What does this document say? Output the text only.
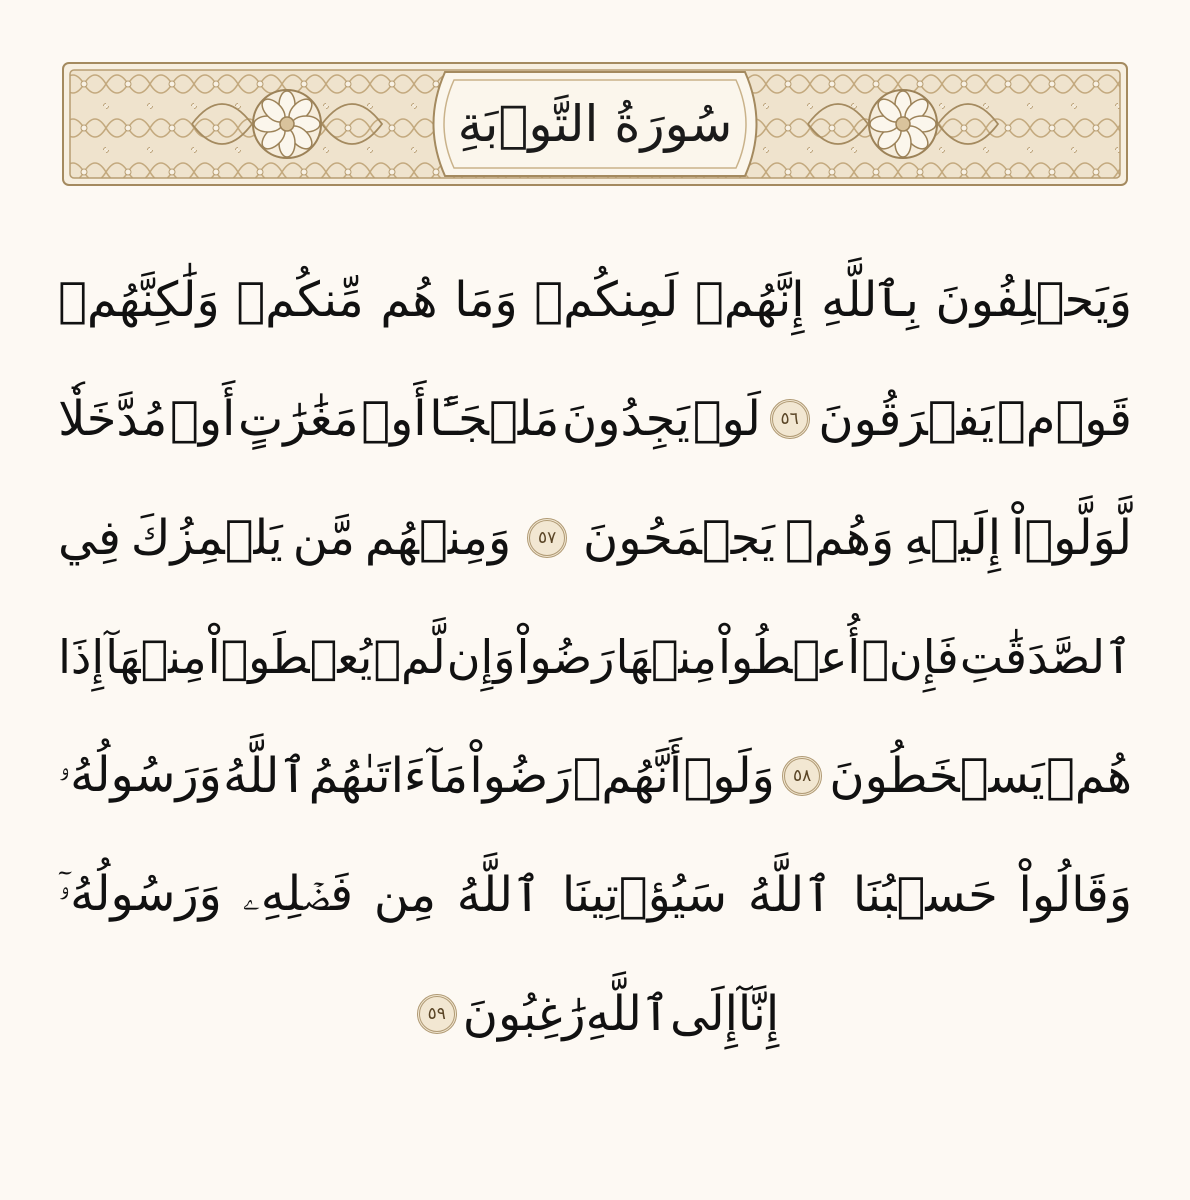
سُورَةُ التَّوۡبَةِ
وَيَحۡلِفُونَ
بِٱللَّهِ
إِنَّهُمۡ
لَمِنكُمۡ
وَمَا
هُم
مِّنكُمۡ
وَلَٰكِنَّهُمۡ
قَوۡمٞ
يَفۡرَقُونَ
٥٦
لَوۡ
يَجِدُونَ
مَلۡجَـًٔا
أَوۡ
مَغَٰرَٰتٍ
أَوۡ
مُدَّخَلٗا
لَّوَلَّوۡاْ
إِلَيۡهِ
وَهُمۡ
يَجۡمَحُونَ
٥٧
وَمِنۡهُم
مَّن
يَلۡمِزُكَ
فِي
ٱلصَّدَقَٰتِ
فَإِنۡ
أُعۡطُواْ
مِنۡهَا
رَضُواْ
وَإِن
لَّمۡ
يُعۡطَوۡاْ
مِنۡهَآ
إِذَا
هُمۡ
يَسۡخَطُونَ
٥٨
وَلَوۡ
أَنَّهُمۡ
رَضُواْ
مَآ
ءَاتَىٰهُمُ
ٱللَّهُ
وَرَسُولُهُۥ
وَقَالُواْ
حَسۡبُنَا
ٱللَّهُ
سَيُؤۡتِينَا
ٱللَّهُ
مِن
فَضۡلِهِۦ
وَرَسُولُهُۥٓ
إِنَّآ
إِلَى
ٱللَّهِ
رَٰغِبُونَ
٥٩
